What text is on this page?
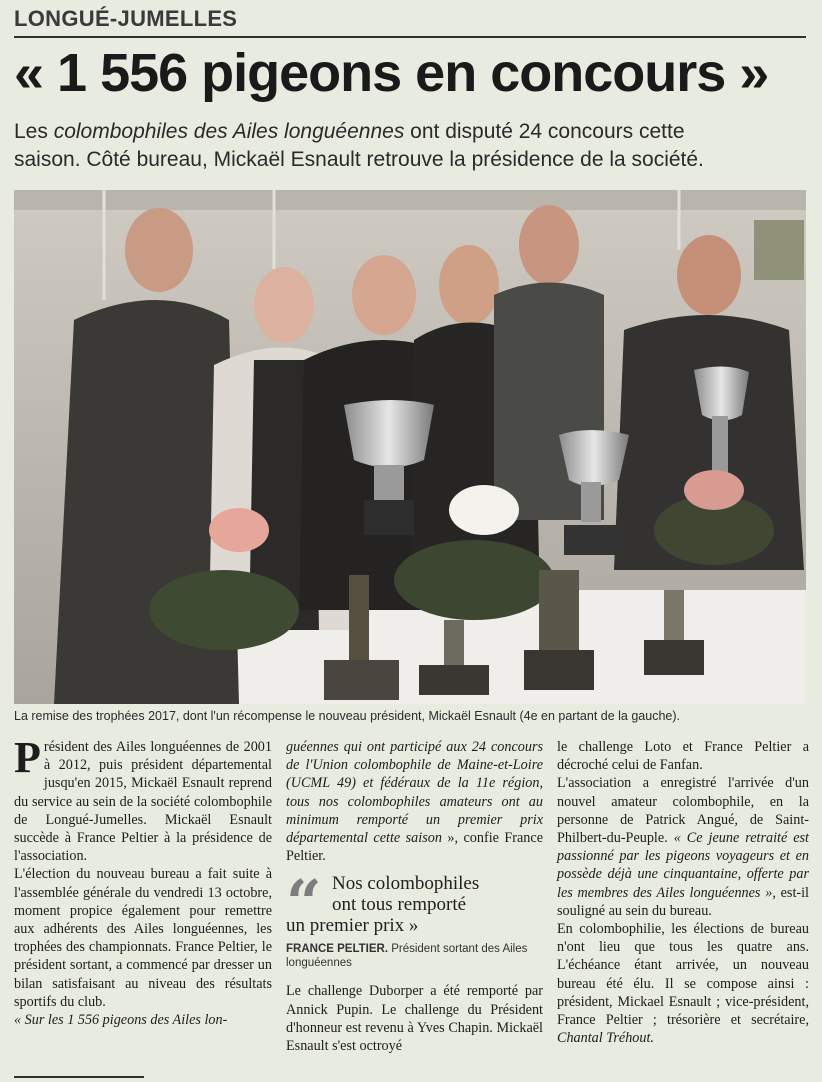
LONGUÉ-JUMELLES
« 1 556 pigeons en concours »
Les colombophiles des Ailes longuéennes ont disputé 24 concours cette
saison. Côté bureau, Mickaël Esnault retrouve la présidence de la société.
La remise des trophées 2017, dont l'un récompense le nouveau président, Mickaël Esnault (4e en partant de la gauche).

Président des Ailes longuéennes de 2001 à 2012, puis président départemental jusqu'en 2015, Mickaël Esnault reprend du service au sein de la société colombophile de Longué-Jumelles. Mickaël Esnault succède à France Peltier à la présidence de l'association.

L'élection du nouveau bureau a fait suite à l'assemblée générale du vendredi 13 octobre, moment propice également pour remettre aux adhérents des Ailes longuéennes, les trophées des championnats. France Peltier, le président sortant, a commencé par dresser un bilan satisfaisant au niveau des résultats sportifs du club.

« Sur les 1 556 pigeons des Ailes lon-

guéennes qui ont participé aux 24 concours de l'Union colombophile de Maine-et-Loire (UCML 49) et fédéraux de la 11e région, tous nos colombophiles amateurs ont au minimum remporté un premier prix départemental cette saison », confie France Peltier.

“ Nos colombophiles
ont tous remporté

un premier prix »
FRANCE PELTIER. Président sortant des Ailes longuéennes

Le challenge Duborper a été remporté par Annick Pupin. Le challenge du Président d'honneur est revenu à Yves Chapin. Mickaël Esnault s'est octroyé

le challenge Loto et France Peltier a décroché celui de Fanfan.

L'association a enregistré l'arrivée d'un nouvel amateur colombophile, en la personne de Patrick Angué, de Saint-Philbert-du-Peuple. « Ce jeune retraité est passionné par les pigeons voyageurs et en possède déjà une cinquantaine, offerte par les membres des Ailes longuéennes », est-il souligné au sein du bureau.

En colombophilie, les élections de bureau n'ont lieu que tous les quatre ans. L'échéance étant arrivée, un nouveau bureau été élu. Il se compose ainsi : président, Mickael Esnault ; vice-président, France Peltier ; trésorière et secrétaire, Chantal Tréhout.
